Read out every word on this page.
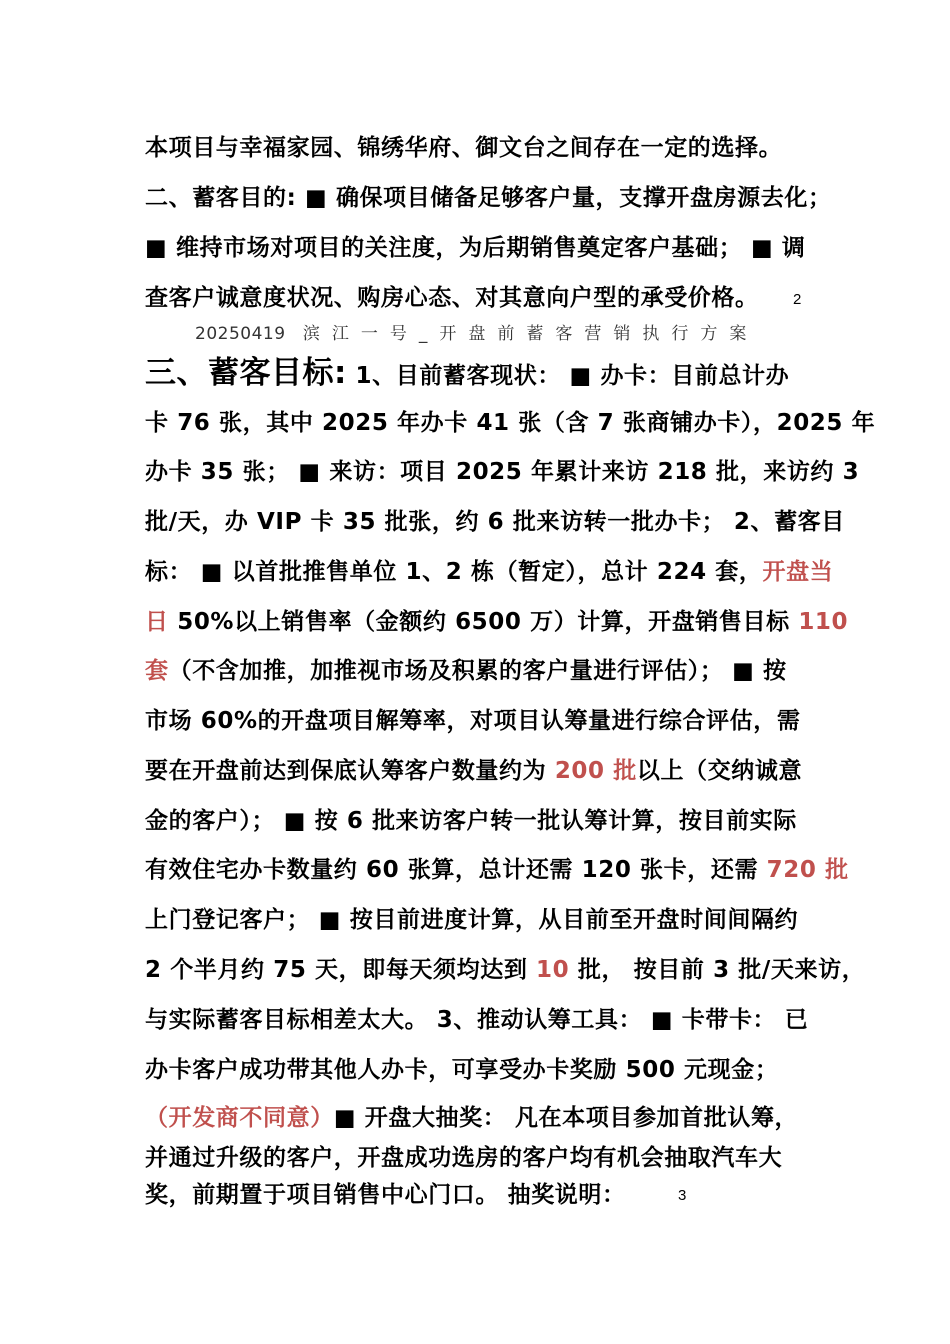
本项目与幸福家园、锦绣华府、御文台之间存在一定的选择。
二、蓄客目的: ■ 确保项目储备足够客户量，支撑开盘房源去化；
■ 维持市场对项目的关注度，为后期销售奠定客户基础； ■ 调
查客户诚意度状况、购房心态、对其意向户型的承受价格。 2
20250419 滨江一号_开盘前蓄客营销执行方案
三、蓄客目标: 1、目前蓄客现状： ■ 办卡：目前总计办
卡 76 张，其中 2025 年办卡 41 张（含 7 张商铺办卡），2025 年
办卡 35 张； ■ 来访：项目 2025 年累计来访 218 批，来访约 3
批/天，办 VIP 卡 35 批张，约 6 批来访转一批办卡； 2、蓄客目
标： ■ 以首批推售单位 1、2 栋（暂定），总计 224 套，开盘当
日 50%以上销售率（金额约 6500 万）计算，开盘销售目标 110
套（不含加推，加推视市场及积累的客户量进行评估）； ■ 按
市场 60%的开盘项目解筹率，对项目认筹量进行综合评估，需
要在开盘前达到保底认筹客户数量约为 200 批以上（交纳诚意
金的客户）； ■ 按 6 批来访客户转一批认筹计算，按目前实际
有效住宅办卡数量约 60 张算，总计还需 120 张卡，还需 720 批
上门登记客户； ■ 按目前进度计算，从目前至开盘时间间隔约
2 个半月约 75 天，即每天须均达到 10 批， 按目前 3 批/天来访，
与实际蓄客目标相差太大。 3、推动认筹工具： ■ 卡带卡： 已
办卡客户成功带其他人办卡，可享受办卡奖励 500 元现金；
（开发商不同意）■ 开盘大抽奖： 凡在本项目参加首批认筹，
并通过升级的客户，开盘成功选房的客户均有机会抽取汽车大
奖，前期置于项目销售中心门口。 抽奖说明：	3
